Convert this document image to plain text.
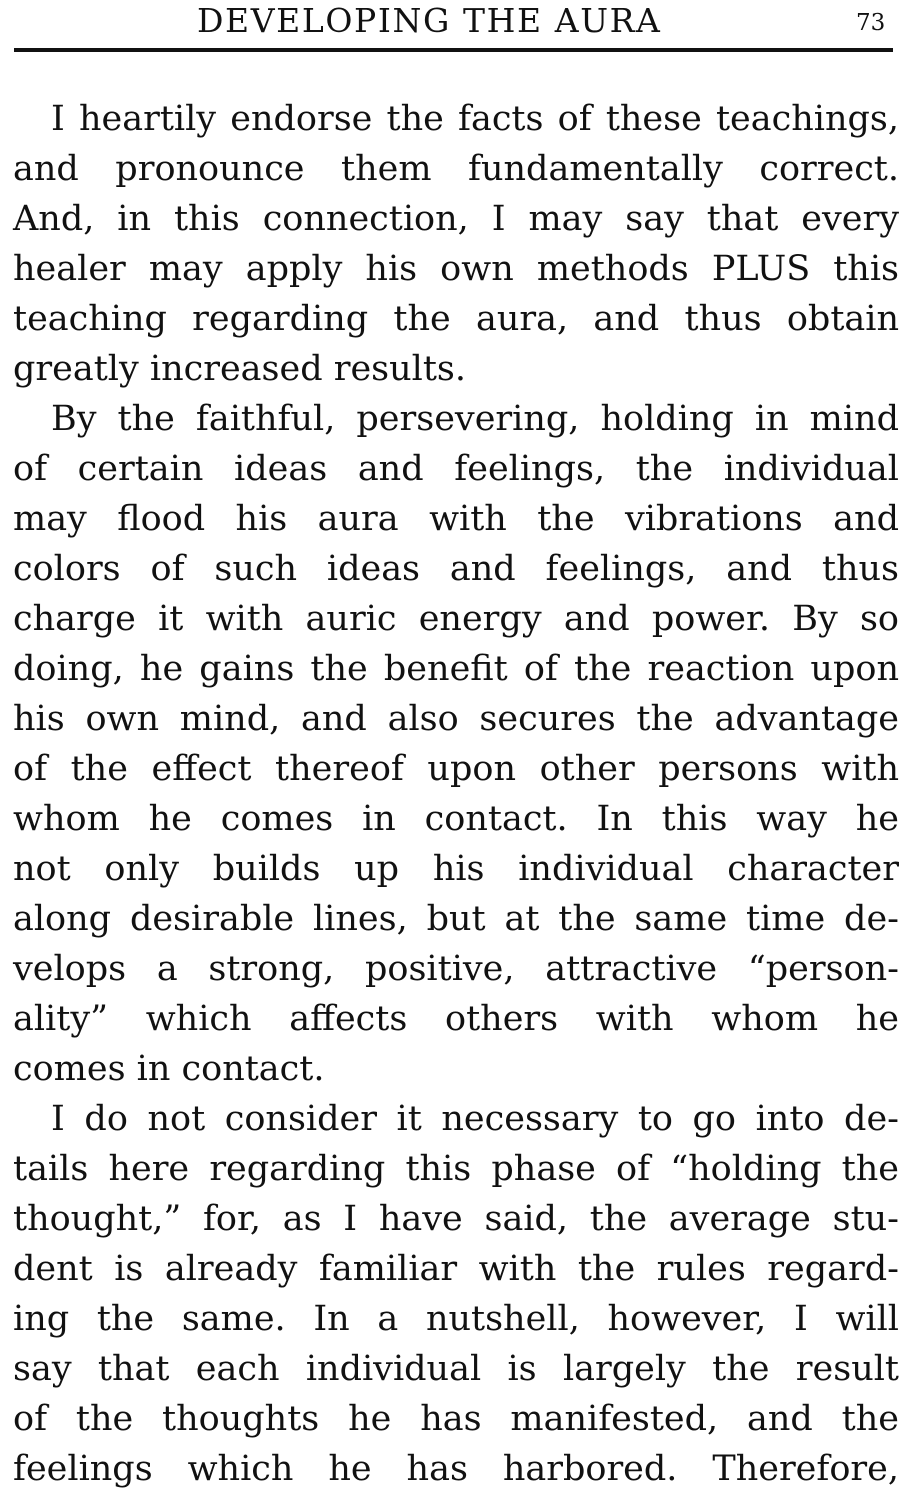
DEVELOPING THE AURA	73

I heartily endorse the facts of these teachings,
and pronounce them fundamentally correct.
And, in this connection, I may say that every
healer may apply his own methods PLUS this
teaching regarding the aura, and thus obtain
greatly increased results.

By the faithful, persevering, holding in mind
of certain ideas and feelings, the individual
may flood his aura with the vibrations and
colors of such ideas and feelings, and thus
charge it with auric energy and power. By so
doing, he gains the benefit of the reaction upon
his own mind, and also secures the advantage
of the effect thereof upon other persons with
whom he comes in contact. In this way he
not only builds up his individual character
along desirable lines, but at the same time de-
velops a strong, positive, attractive “person-
ality” which affects others with whom he
comes in contact.

I do not consider it necessary to go into de-
tails here regarding this phase of “holding the
thought,” for, as I have said, the average stu-
dent is already familiar with the rules regard-
ing the same. In a nutshell, however, I will
say that each individual is largely the result
of the thoughts he has manifested, and the
feelings which he has harbored. Therefore,
